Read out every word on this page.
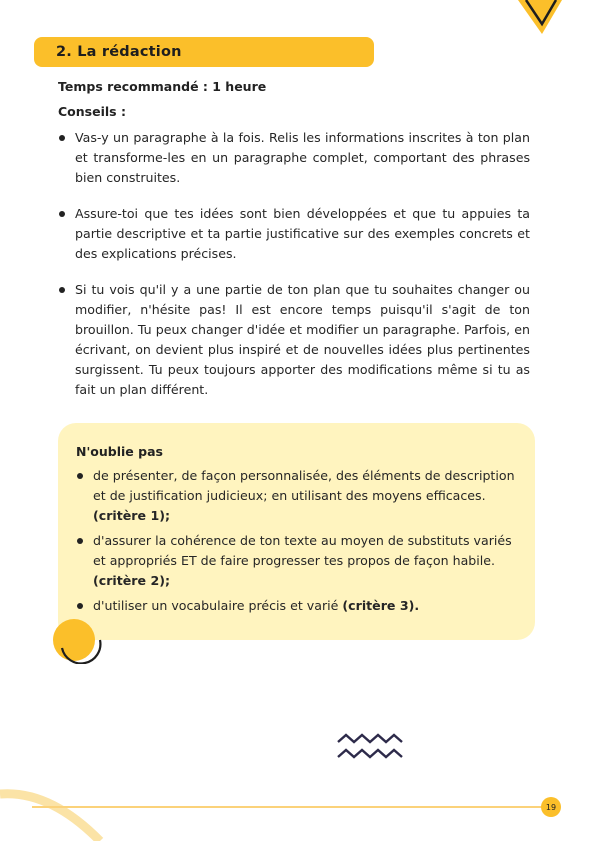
2. La rédaction
Temps recommandé : 1 heure
Conseils :
Vas-y un paragraphe à la fois. Relis les informations inscrites à ton plan et transforme-les en un paragraphe complet, comportant des phrases bien construites.
Assure-toi que tes idées sont bien développées et que tu appuies ta partie descriptive et ta partie justificative sur des exemples concrets et des explications précises.
Si tu vois qu'il y a une partie de ton plan que tu souhaites changer ou modifier, n'hésite pas! Il est encore temps puisqu'il s'agit de ton brouillon. Tu peux changer d'idée et modifier un paragraphe. Parfois, en écrivant, on devient plus inspiré et de nouvelles idées plus pertinentes surgissent. Tu peux toujours apporter des modifications même si tu as fait un plan différent.
N'oublie pas
de présenter, de façon personnalisée, des éléments de description et de justification judicieux; en utilisant des moyens efficaces. (critère 1);
d'assurer la cohérence de ton texte au moyen de substituts variés et appropriés ET de faire progresser tes propos de façon habile. (critère 2);
d'utiliser un vocabulaire précis et varié (critère 3).
19
